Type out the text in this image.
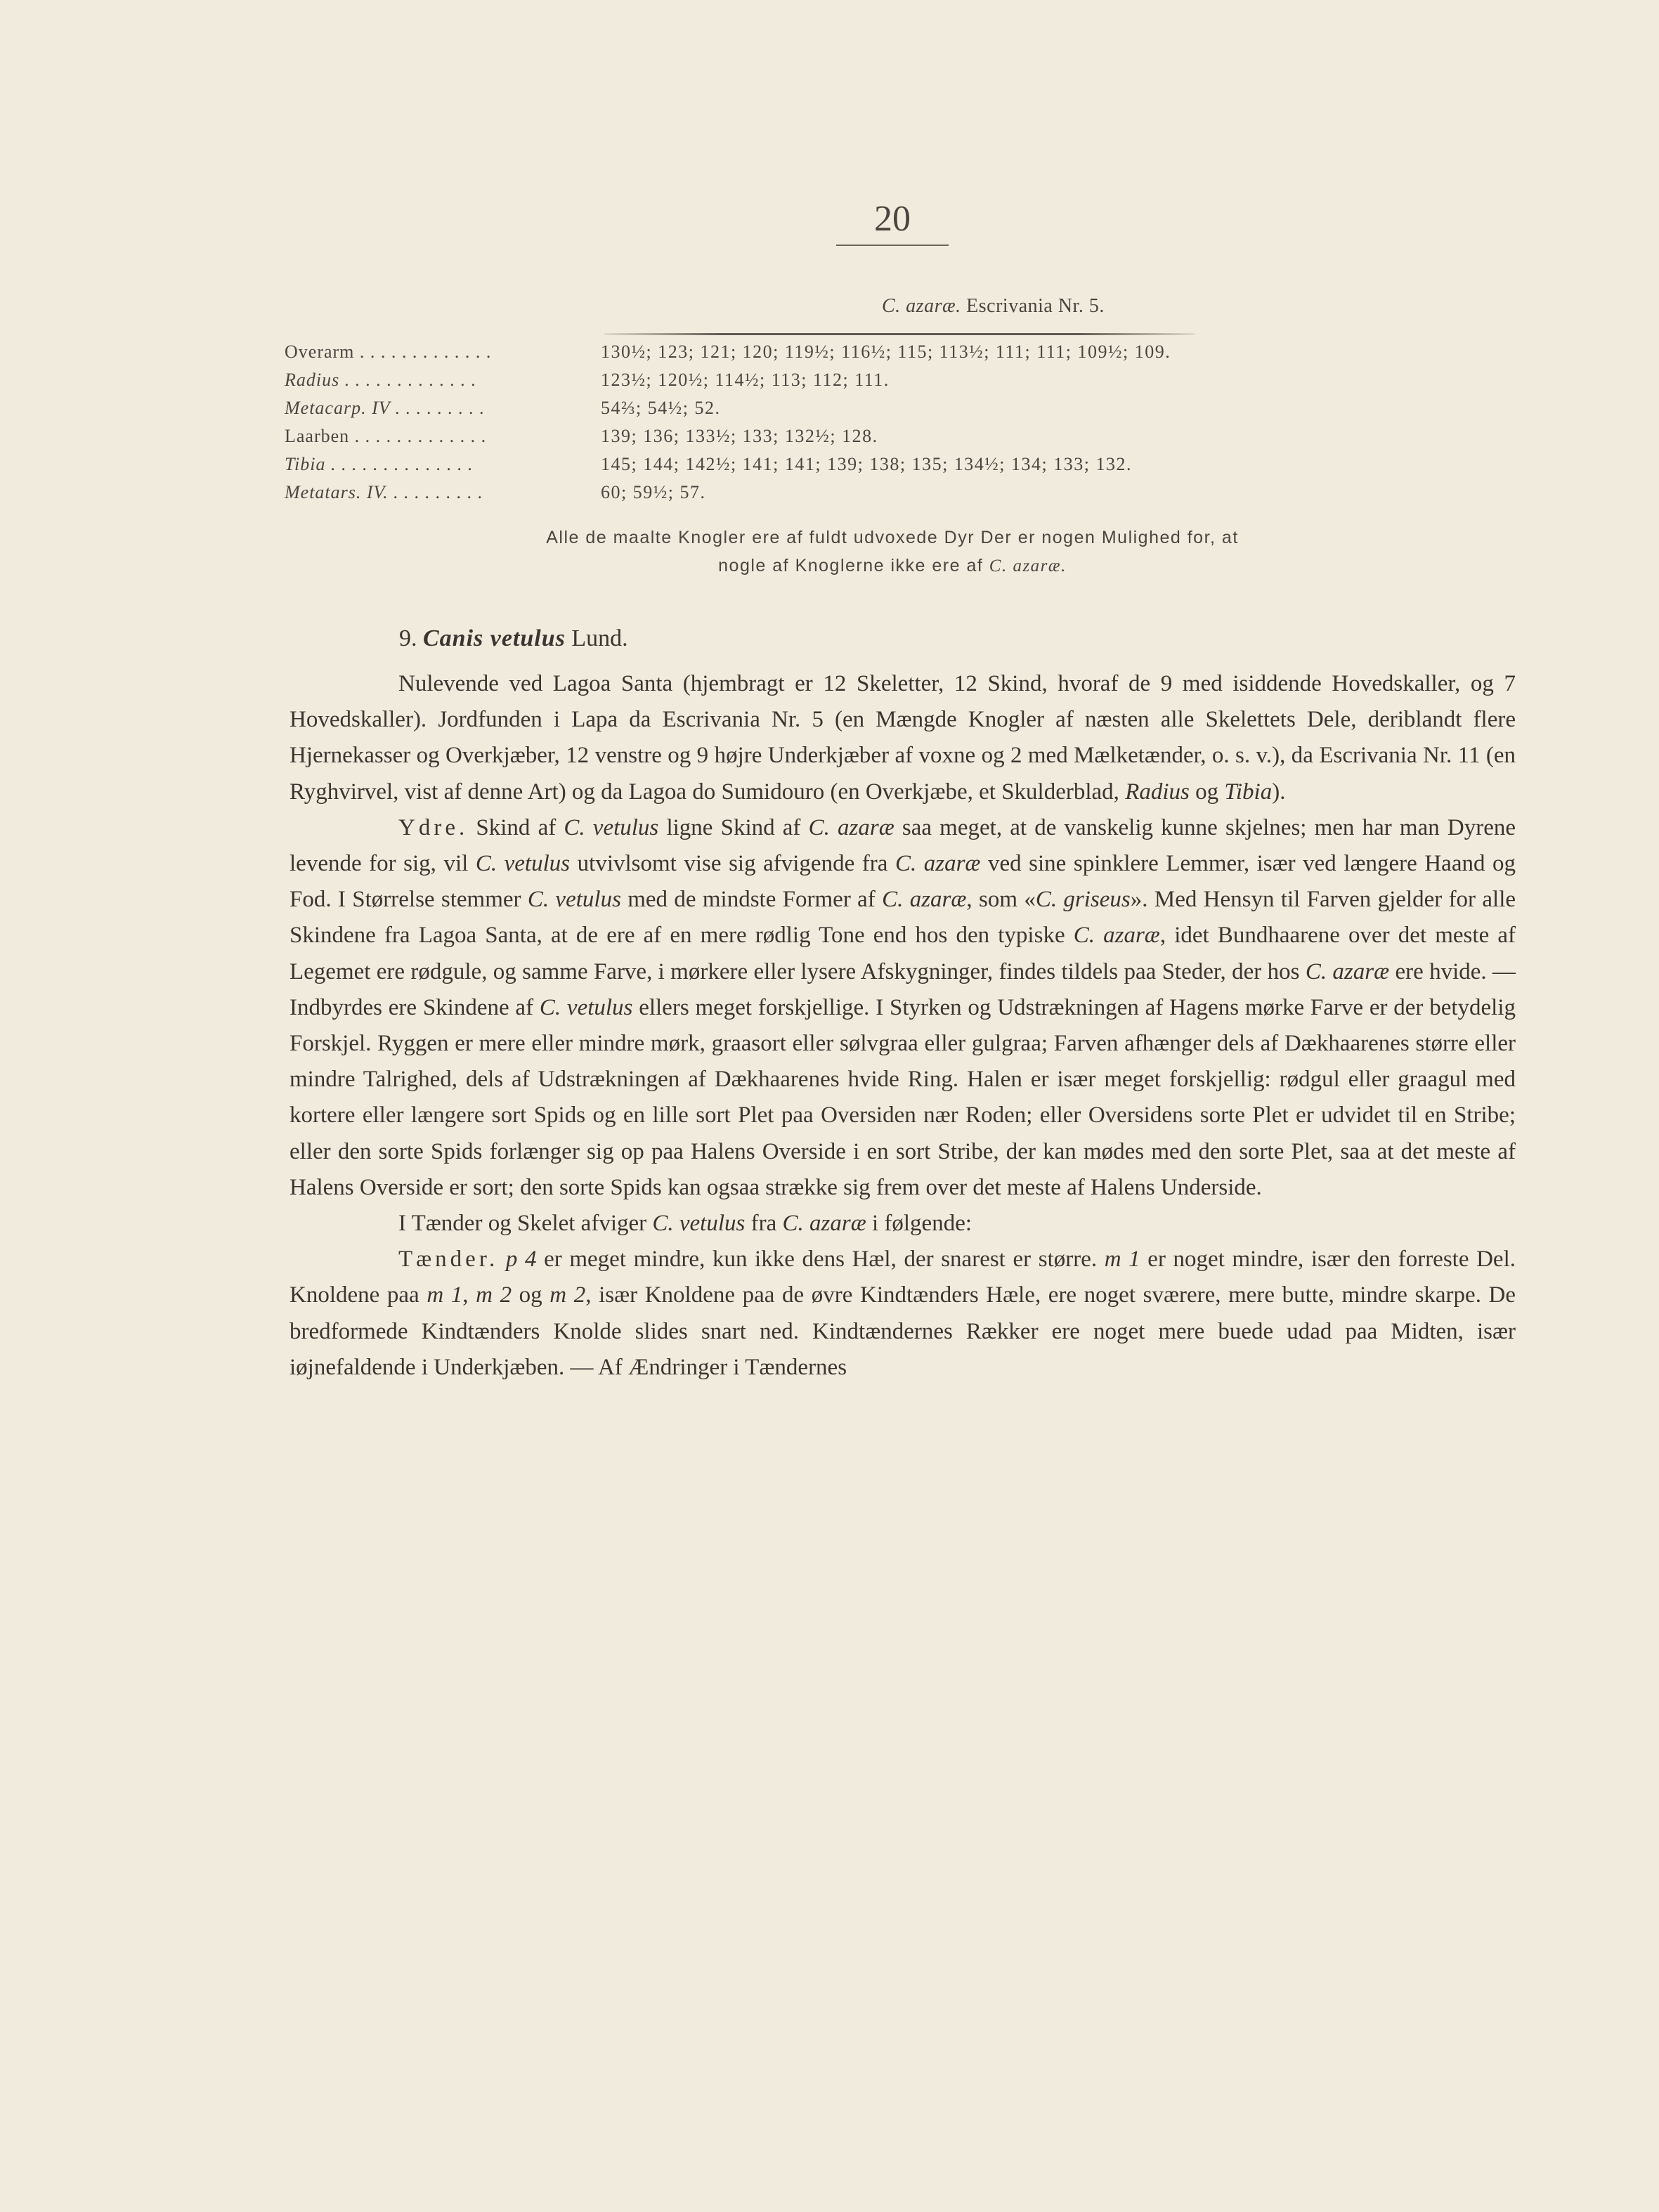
20
C. azaræ. Escrivania Nr. 5.
Overarm . . . . . . . . . . . . .	130½; 123; 121; 120; 119½; 116½; 115; 113½; 111; 111; 109½; 109.
Radius . . . . . . . . . . . . .	123½; 120½; 114½; 113; 112; 111.
Metacarp. IV . . . . . . . . .	54⅔; 54½; 52.
Laarben . . . . . . . . . . . . .	139; 136; 133½; 133; 132½; 128.
Tibia . . . . . . . . . . . . . .	145; 144; 142½; 141; 141; 139; 138; 135; 134½; 134; 133; 132.
Metatars. IV. . . . . . . . . .	60; 59½; 57.
Alle de maalte Knogler ere af fuldt udvoxede Dyr Der er nogen Mulighed for, at
nogle af Knoglerne ikke ere af C. azaræ.
9. Canis vetulus Lund.

Nulevende ved Lagoa Santa (hjembragt er 12 Skeletter, 12 Skind, hvoraf de 9 med isiddende Hovedskaller, og 7 Hovedskaller). Jordfunden i Lapa da Escrivania Nr. 5 (en Mængde Knogler af næsten alle Skelettets Dele, deriblandt flere Hjernekasser og Overkjæber, 12 venstre og 9 højre Underkjæber af voxne og 2 med Mælketænder, o. s. v.), da Escrivania Nr. 11 (en Ryghvirvel, vist af denne Art) og da Lagoa do Sumidouro (en Overkjæbe, et Skulderblad, Radius og Tibia).

Ydre. Skind af C. vetulus ligne Skind af C. azaræ saa meget, at de vanskelig kunne skjelnes; men har man Dyrene levende for sig, vil C. vetulus utvivlsomt vise sig afvigende fra C. azaræ ved sine spinklere Lemmer, især ved længere Haand og Fod. I Størrelse stemmer C. vetulus med de mindste Former af C. azaræ, som «C. griseus». Med Hensyn til Farven gjelder for alle Skindene fra Lagoa Santa, at de ere af en mere rødlig Tone end hos den typiske C. azaræ, idet Bundhaarene over det meste af Legemet ere rødgule, og samme Farve, i mørkere eller lysere Afskygninger, findes tildels paa Steder, der hos C. azaræ ere hvide. — Indbyrdes ere Skindene af C. vetulus ellers meget forskjellige. I Styrken og Udstrækningen af Hagens mørke Farve er der betydelig Forskjel. Ryggen er mere eller mindre mørk, graasort eller sølvgraa eller gulgraa; Farven afhænger dels af Dækhaarenes større eller mindre Talrighed, dels af Udstrækningen af Dækhaarenes hvide Ring. Halen er især meget forskjellig: rødgul eller graagul med kortere eller længere sort Spids og en lille sort Plet paa Oversiden nær Roden; eller Oversidens sorte Plet er udvidet til en Stribe; eller den sorte Spids forlænger sig op paa Halens Overside i en sort Stribe, der kan mødes med den sorte Plet, saa at det meste af Halens Overside er sort; den sorte Spids kan ogsaa strække sig frem over det meste af Halens Underside.

I Tænder og Skelet afviger C. vetulus fra C. azaræ i følgende:

Tænder. p 4 er meget mindre, kun ikke dens Hæl, der snarest er større. m 1 er noget mindre, især den forreste Del. Knoldene paa m 1, m 2 og m 2, især Knoldene paa de øvre Kindtænders Hæle, ere noget sværere, mere butte, mindre skarpe. De bredformede Kindtænders Knolde slides snart ned. Kindtændernes Rækker ere noget mere buede udad paa Midten, især iøjnefaldende i Underkjæben. — Af Ændringer i Tændernes
